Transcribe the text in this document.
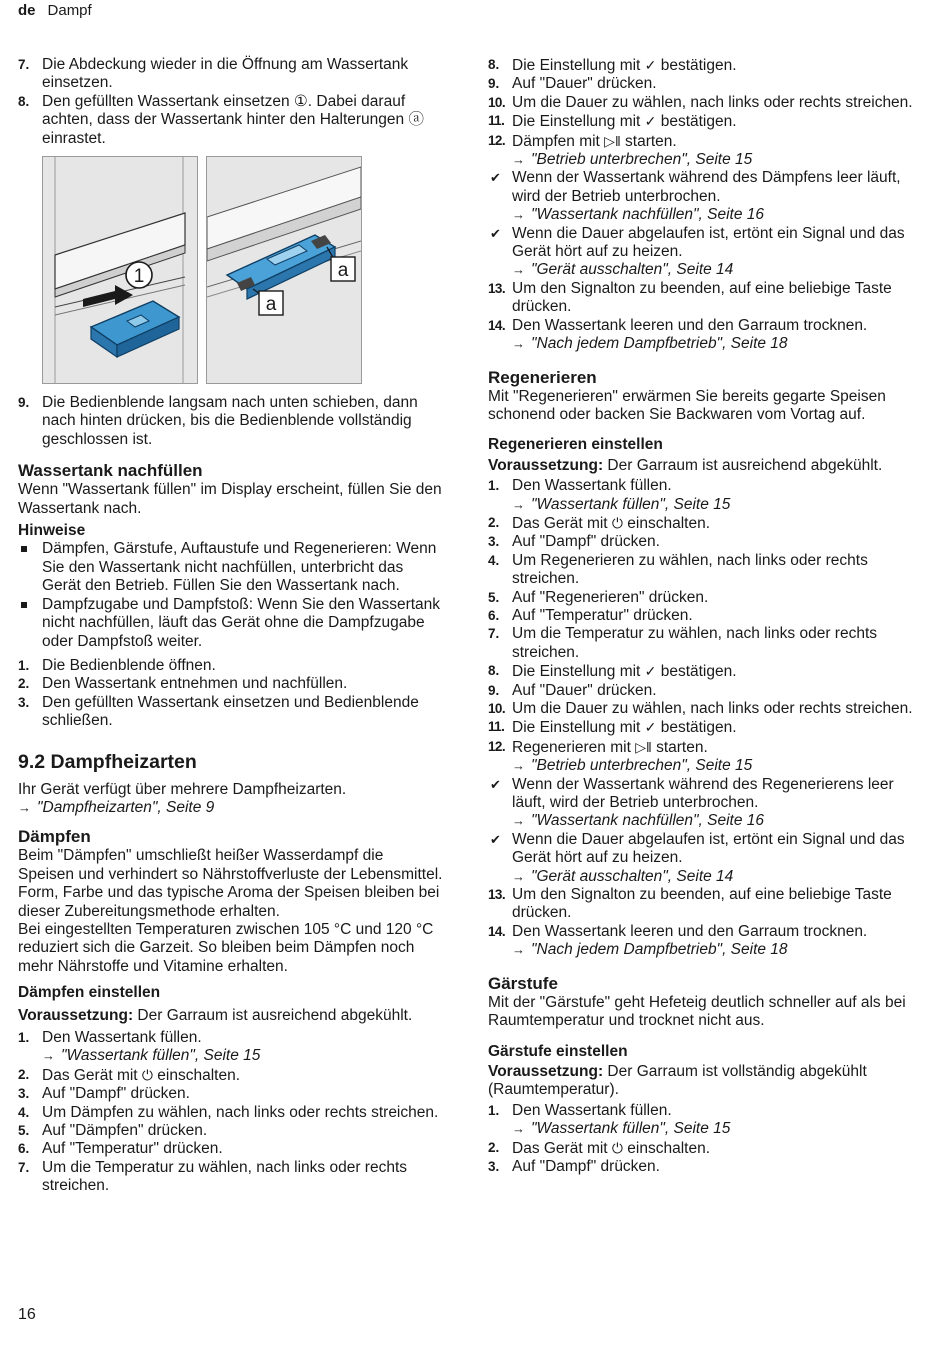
de Dampf
7. Die Abdeckung wieder in die Öffnung am Wassertank einsetzen.
8. Den gefüllten Wassertank einsetzen ①. Dabei darauf achten, dass der Wassertank hinter den Halterungen ⓐ einrastet.
1	a
a
9. Die Bedienblende langsam nach unten schieben, dann nach hinten drücken, bis die Bedienblende vollständig geschlossen ist.
Wassertank nachfüllen

Wenn "Wassertank füllen" im Display erscheint, füllen Sie den Wassertank nach.

Hinweise
Dämpfen, Gärstufe, Auftaustufe und Regenerieren: Wenn Sie den Wassertank nicht nachfüllen, unterbricht das Gerät den Betrieb. Füllen Sie den Wassertank nach.
Dampfzugabe und Dampfstoß: Wenn Sie den Wassertank nicht nachfüllen, läuft das Gerät ohne die Dampfzugabe oder Dampfstoß weiter.
1. Die Bedienblende öffnen.
2. Den Wassertank entnehmen und nachfüllen.
3. Den gefüllten Wassertank einsetzen und Bedienblende schließen.
9.2 Dampfheizarten

Ihr Gerät verfügt über mehrere Dampfheizarten.

→ "Dampfheizarten", Seite 9
Dämpfen

Beim "Dämpfen" umschließt heißer Wasserdampf die Speisen und verhindert so Nährstoffverluste der Lebensmittel. Form, Farbe und das typische Aroma der Speisen bleiben bei dieser Zubereitungsmethode erhalten.

Bei eingestellten Temperaturen zwischen 105 °C und 120 °C reduziert sich die Garzeit. So bleiben beim Dämpfen noch mehr Nährstoffe und Vitamine erhalten.

Dämpfen einstellen

Voraussetzung: Der Garraum ist ausreichend abgekühlt.

1. Den Wassertank füllen.
→ "Wassertank füllen", Seite 15
2. Das Gerät mit ⏻ einschalten.
3. Auf "Dampf" drücken.
4. Um Dämpfen zu wählen, nach links oder rechts streichen.
5. Auf "Dämpfen" drücken.
6. Auf "Temperatur" drücken.
7. Um die Temperatur zu wählen, nach links oder rechts streichen.
8. Die Einstellung mit ✓ bestätigen.
9. Auf "Dauer" drücken.
10. Um die Dauer zu wählen, nach links oder rechts streichen.
11. Die Einstellung mit ✓ bestätigen.
12. Dämpfen mit ▷‖ starten.
→ "Betrieb unterbrechen", Seite 15
✔ Wenn der Wassertank während des Dämpfens leer läuft, wird der Betrieb unterbrochen.
→ "Wassertank nachfüllen", Seite 16
✔ Wenn die Dauer abgelaufen ist, ertönt ein Signal und das Gerät hört auf zu heizen.
→ "Gerät ausschalten", Seite 14
13. Um den Signalton zu beenden, auf eine beliebige Taste drücken.
14. Den Wassertank leeren und den Garraum trocknen.
→ "Nach jedem Dampfbetrieb", Seite 18
Regenerieren

Mit "Regenerieren" erwärmen Sie bereits gegarte Speisen schonend oder backen Sie Backwaren vom Vortag auf.

Regenerieren einstellen

Voraussetzung: Der Garraum ist ausreichend abgekühlt.

1. Den Wassertank füllen.
→ "Wassertank füllen", Seite 15
2. Das Gerät mit ⏻ einschalten.
3. Auf "Dampf" drücken.
4. Um Regenerieren zu wählen, nach links oder rechts streichen.
5. Auf "Regenerieren" drücken.
6. Auf "Temperatur" drücken.
7. Um die Temperatur zu wählen, nach links oder rechts streichen.
8. Die Einstellung mit ✓ bestätigen.
9. Auf "Dauer" drücken.
10. Um die Dauer zu wählen, nach links oder rechts streichen.
11. Die Einstellung mit ✓ bestätigen.
12. Regenerieren mit ▷‖ starten.
→ "Betrieb unterbrechen", Seite 15
✔ Wenn der Wassertank während des Regenerierens leer läuft, wird der Betrieb unterbrochen.
→ "Wassertank nachfüllen", Seite 16
✔ Wenn die Dauer abgelaufen ist, ertönt ein Signal und das Gerät hört auf zu heizen.
→ "Gerät ausschalten", Seite 14
13. Um den Signalton zu beenden, auf eine beliebige Taste drücken.
14. Den Wassertank leeren und den Garraum trocknen.
→ "Nach jedem Dampfbetrieb", Seite 18
Gärstufe

Mit der "Gärstufe" geht Hefeteig deutlich schneller auf als bei Raumtemperatur und trocknet nicht aus.

Gärstufe einstellen

Voraussetzung: Der Garraum ist vollständig abgekühlt (Raumtemperatur).

1. Den Wassertank füllen.
→ "Wassertank füllen", Seite 15
2. Das Gerät mit ⏻ einschalten.
3. Auf "Dampf" drücken.
16
